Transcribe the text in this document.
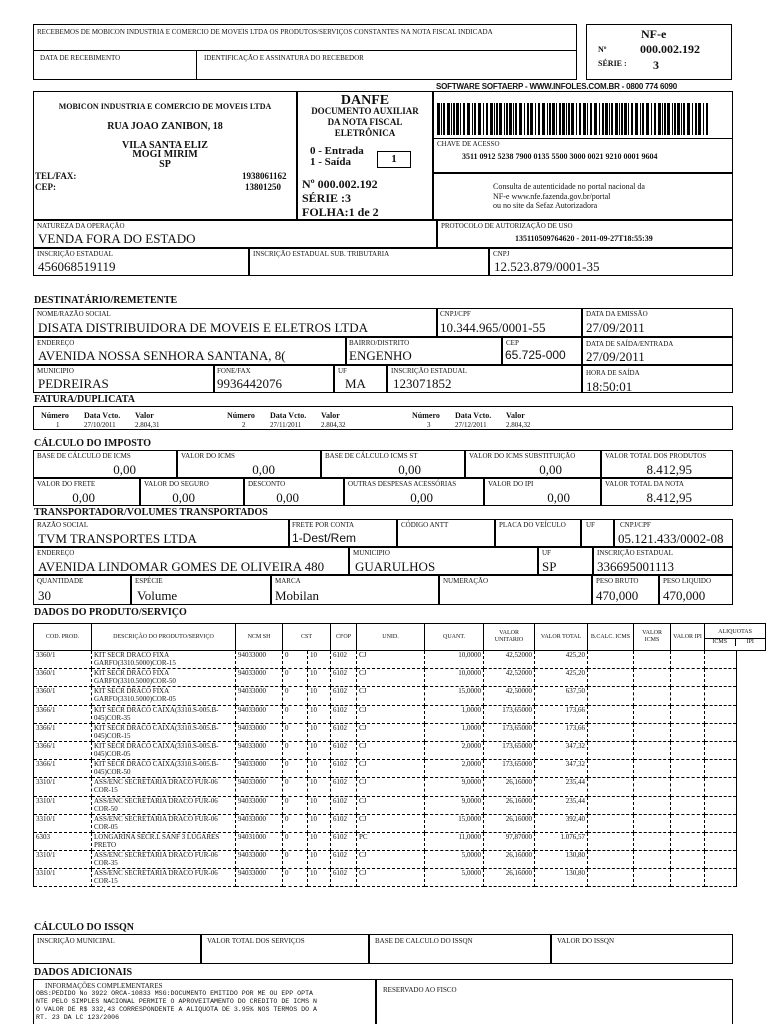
RECEBEMOS DE MOBICON INDUSTRIA E COMERCIO DE MOVEIS LTDA OS PRODUTOS/SERVIÇOS CONSTANTES NA NOTA FISCAL INDICADA
DATA DE RECEBIMENTO	IDENTIFICAÇÃO E ASSINATURA DO RECEBEDOR
NF-e
Nº	000.002.192
SÉRIE : 3
SOFTWARE SOFTAERP - WWW.INFOLES.COM.BR - 0800 774 6090
MOBICON INDUSTRIA E COMERCIO DE MOVEIS LTDA
RUA JOAO ZANIBON, 18
VILA SANTA ELIZ
MOGI MIRIM
SP
TEL/FAX:	1938061162
CEP:	13801250
DANFE
DOCUMENTO AUXILIAR
DA NOTA FISCAL
ELETRÔNICA
0 - Entrada
1 - Saída	1
Nº 000.002.192
SÉRIE :3
FOLHA:1 de 2
CHAVE DE ACESSO
3511 0912 5238 7900 0135 5500 3000 0021 9210 0001 9604
Consulta de autenticidade no portal nacional da
NF-e www.nfe.fazenda.gov.br/portal
ou no site da Sefaz Autorizadora
NATUREZA DA OPERAÇÃO
VENDA FORA DO ESTADO
PROTOCOLO DE AUTORIZAÇÃO DE USO
135110509764620 - 2011-09-27T18:55:39
INSCRIÇÃO ESTADUAL
456068519119
INSCRIÇÃO ESTADUAL SUB. TRIBUTARIA	CNPJ
12.523.879/0001-35
DESTINATÁRIO/REMETENTE
NOME/RAZÃO SOCIAL
DISATA DISTRIBUIDORA DE MOVEIS E ELETROS LTDA
CNPJ/CPF
10.344.965/0001-55
DATA DA EMISSÃO
27/09/2011
ENDEREÇO
AVENIDA NOSSA SENHORA SANTANA, 8(
BAIRRO/DISTRITO
ENGENHO
CEP
65.725-000
DATA DE SAÍDA/ENTRADA
27/09/2011
MUNICIPIO
PEDREIRAS
FONE/FAX
9936442076
UF
MA
INSCRIÇÃO ESTADUAL
123071852
HORA DE SAÍDA
18:50:01
FATURA/DUPLICATA
Número Data Vcto. Valor	Número Data Vcto. Valor	Número Data Vcto. Valor
1	27/10/2011	2.804,31	2	27/11/2011	2.804,32	3	27/12/2011	2.804,32
CÁLCULO DO IMPOSTO
BASE DE CÁLCULO DE ICMS
0,00
VALOR DO ICMS
0,00
BASE DE CÁLCULO ICMS ST
0,00
VALOR DO ICMS SUBSTITUIÇÃO
0,00
VALOR TOTAL DOS PRODUTOS
8.412,95
VALOR DO FRETE
0,00
VALOR DO SEGURO
0,00
DESCONTO
0,00
OUTRAS DESPESAS ACESSÓRIAS
0,00
VALOR DO IPI
0,00
VALOR TOTAL DA NOTA
8.412,95
TRANSPORTADOR/VOLUMES TRANSPORTADOS
RAZÃO SOCIAL
TVM TRANSPORTES LTDA
FRETE POR CONTA
1-Dest/Rem
CÓDIGO ANTT	PLACA DO VEÍCULO	UF	CNPJ/CPF
05.121.433/0002-08
ENDEREÇO
AVENIDA LINDOMAR GOMES DE OLIVEIRA 480
MUNICIPIO
GUARULHOS
UF
SP
INSCRIÇÃO ESTADUAL
336695001113
QUANTIDADE
30
ESPÉCIE
Volume
MARCA
Mobilan
NUMERAÇÃO	PESO BRUTO
470,000
PESO LIQUIDO
470,000
DADOS DO PRODUTO/SERVIÇO
COD. PROD.	DESCRIÇÃO DO PRODUTO/SERVIÇO	NCM SH	CST		CFOP	UNID.	QUANT.	VALOR UNITARIO	VALOR TOTAL	B.CALC. ICMS	VALOR ICMS	VALOR IPI	ALIQUOTAS
ICMS IPI

3360/1	KIT SECR DRACO FIXA GARFO(3310.5000)COR-15	94033000	0	10	6102	CJ	10,0000	42,52000	425,20				
3360/1	KIT SECR DRACO FIXA GARFO(3310.5000)COR-50	94033000	0	10	6102	CJ	10,0000	42,52000	425,20				
3360/1	KIT SECR DRACO FIXA GARFO(3310.5000)COR-05	94033000	0	10	6102	CJ	15,0000	42,50000	637,50				
3366/1	KIT SECR DRACO CAIXA(3310.S-005.B-045)COR-35	94033000	0	10	6102	CJ	1,0000	173,65000	173,66				
3366/1	KIT SECR DRACO CAIXA(3310.S-005.B-045)COR-15	94033000	0	10	6102	CJ	1,0000	173,65000	173,66				
3366/1	KIT SECR DRACO CAIXA(3310.S-005.B-045)COR-05	94033000	0	10	6102	CJ	2,0000	173,65000	347,32				
3366/1	KIT SECR DRACO CAIXA(3310.S-005.B-045)COR-50	94033000	0	10	6102	CJ	2,0000	173,65000	347,32				
3310/1	ASS/ENC SECRETARIA DRACO FUR-06 COR-15	94033000	0	10	6102	CJ	9,0000	26,16000	235,44				
3310/1	ASS/ENC SECRETARIA DRACO FUR-06 COR-50	94033000	0	10	6102	CJ	9,0000	26,16000	235,44				
3310/1	ASS/ENC SECRETARIA DRACO FUR-06 COR-05	94033000	0	10	6102	CJ	15,0000	26,16000	392,40				
6303	LONGARINA SECR.L SANF 3 LUGARES PRETO	94031000	0	10	6102	PC	11,0000	97,87000	1.076,57				
3310/1	ASS/ENC SECRETARIA DRACO FUR-06 COR-35	94033000	0	10	6102	CJ	5,0000	26,16000	130,80				
3310/1	ASS/ENC SECRETARIA DRACO FUR-06 COR-15	94033000	0	10	6102	CJ	5,0000	26,16000	130,80				
CÁLCULO DO ISSQN
INSCRIÇÃO MUNICIPAL	VALOR TOTAL DOS SERVIÇOS	BASE DE CALCULO DO ISSQN	VALOR DO ISSQN
DADOS ADICIONAIS
INFORMAÇÕES COMPLEMENTARES
OBS:PEDIDO No 3922 ORCA-10833 MSG:DOCUMENTO EMITIDO POR ME OU EPP OPTA
NTE PELO SIMPLES NACIONAL PERMITE O APROVEITAMENTO DO CREDITO DE ICMS N
O VALOR DE R$ 332,43 CORRESPONDENTE A ALIQUOTA DE 3.95% NOS TERMOS DO A
RT. 23 DA LC 123/2006
RESERVADO AO FISCO
